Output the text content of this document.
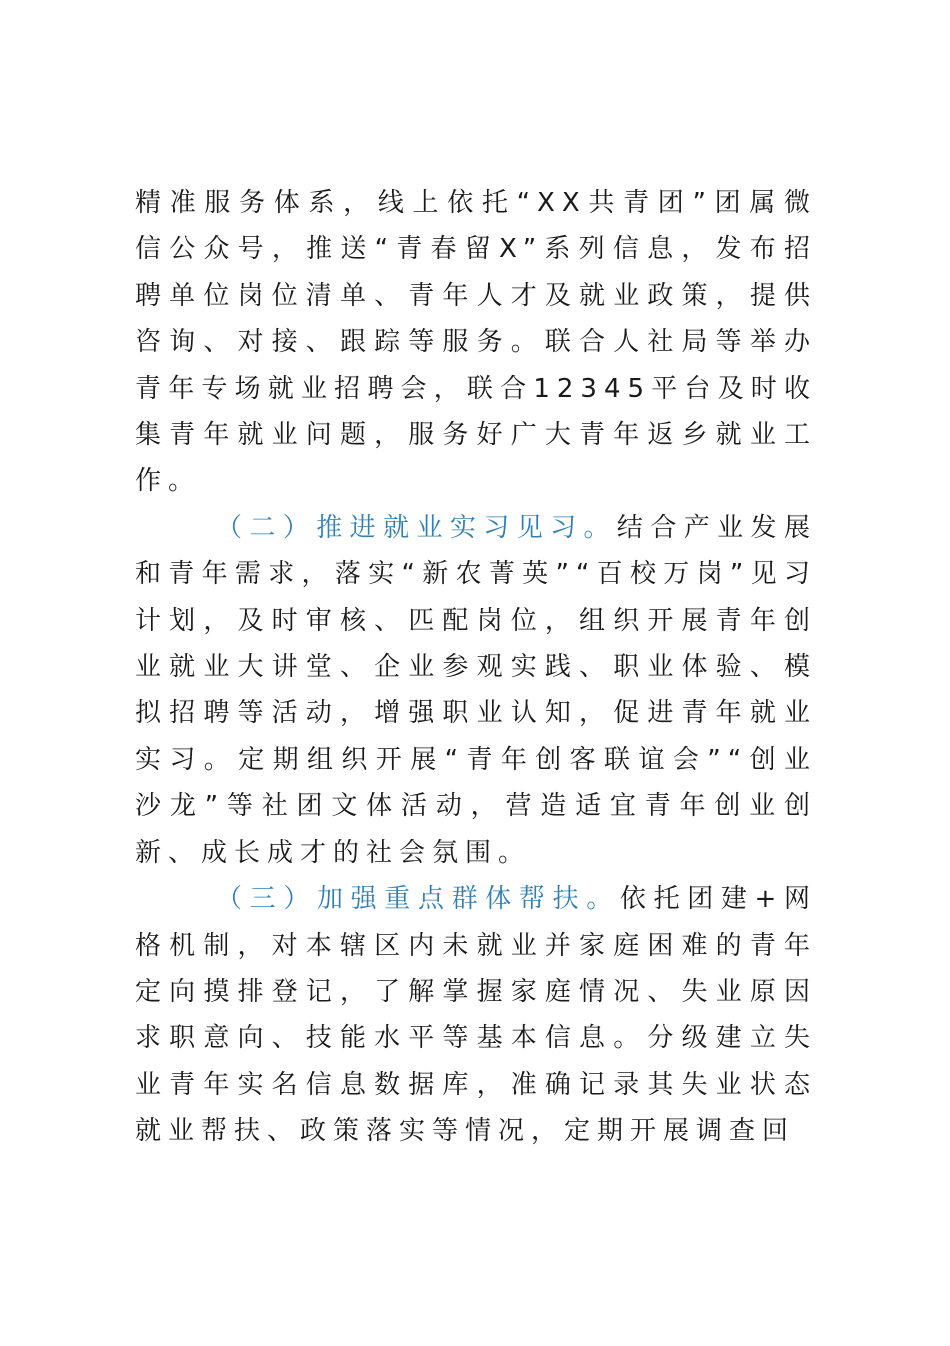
精准服务体系，线上依托“XX共青团”团属微信公众号，推送“青春留X”系列信息，发布招聘单位岗位清单、青年人才及就业政策，提供咨询、对接、跟踪等服务。联合人社局等举办青年专场就业招聘会，联合12345平台及时收集青年就业问题，服务好广大青年返乡就业工作。

（二）推进就业实习见习。结合产业发展和青年需求，落实“新农菁英”“百校万岗”见习计划，及时审核、匹配岗位，组织开展青年创业就业大讲堂、企业参观实践、职业体验、模拟招聘等活动，增强职业认知，促进青年就业实习。定期组织开展“青年创客联谊会”“创业沙龙”等社团文体活动，营造适宜青年创业创新、成长成才的社会氛围。

（三）加强重点群体帮扶。依托团建+网格机制，对本辖区内未就业并家庭困难的青年定向摸排登记，了解掌握家庭情况、失业原因求职意向、技能水平等基本信息。分级建立失业青年实名信息数据库，准确记录其失业状态就业帮扶、政策落实等情况，定期开展调查回
